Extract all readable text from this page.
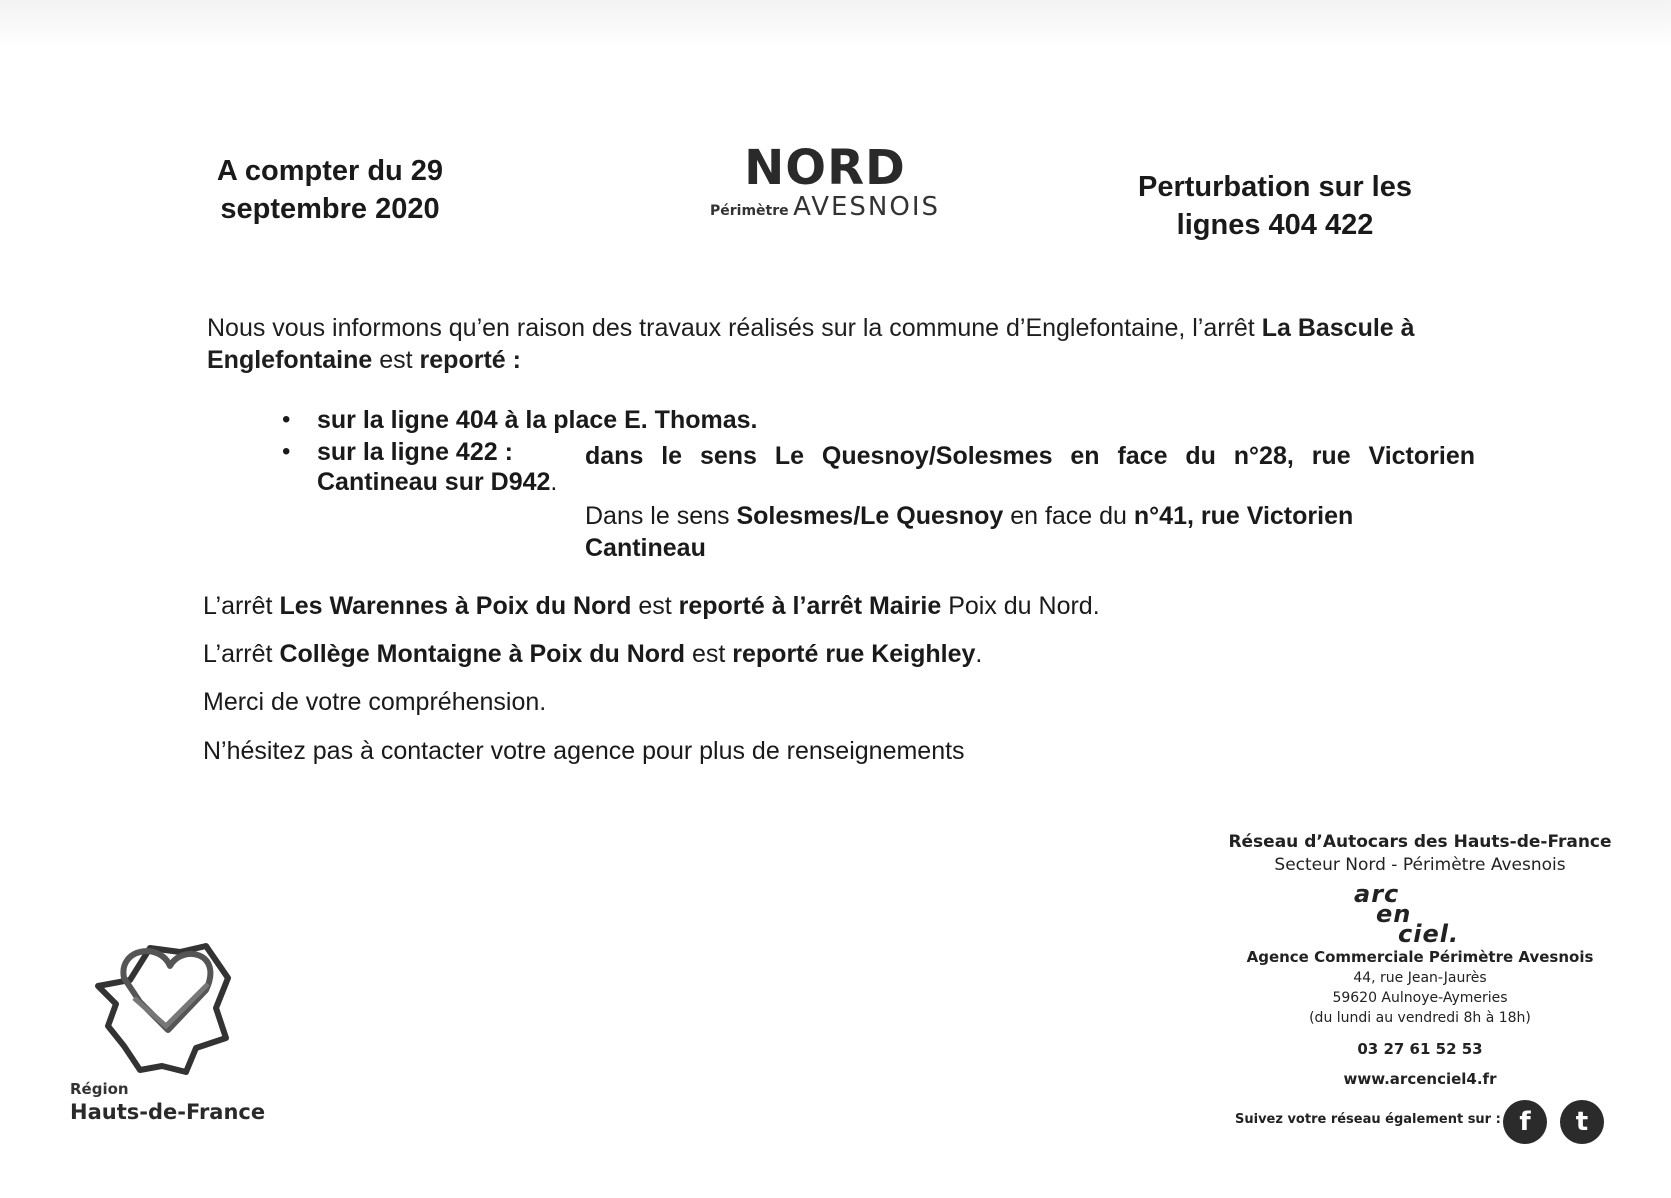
A compter du 29
septembre 2020
NORD
Périmètre AVESNOIS
Perturbation sur les
lignes 404 422
Nous vous informons qu’en raison des travaux réalisés sur la commune d’Englefontaine, l’arrêt La Bascule à Englefontaine est reporté :
•
•
sur la ligne 404 à la place E. Thomas.
sur la ligne 422 :	dans le sens Le Quesnoy/Solesmes en face du n°28, rue Victorien
Cantineau sur D942.
Dans le sens Solesmes/Le Quesnoy en face du n°41, rue Victorien Cantineau
L’arrêt Les Warennes à Poix du Nord est reporté à l’arrêt Mairie Poix du Nord.
L’arrêt Collège Montaigne à Poix du Nord est reporté rue Keighley.
Merci de votre compréhension.
N’hésitez pas à contacter votre agence pour plus de renseignements
Réseau d’Autocars des Hauts-de-France
Secteur Nord - Périmètre Avesnois
arc
en
ciel.
Agence Commerciale Périmètre Avesnois
44, rue Jean-Jaurès
59620 Aulnoye-Aymeries
(du lundi au vendredi 8h à 18h)
03 27 61 52 53
www.arcenciel4.fr
Suivez votre réseau également sur : f	t
Région
Hauts-de-France
